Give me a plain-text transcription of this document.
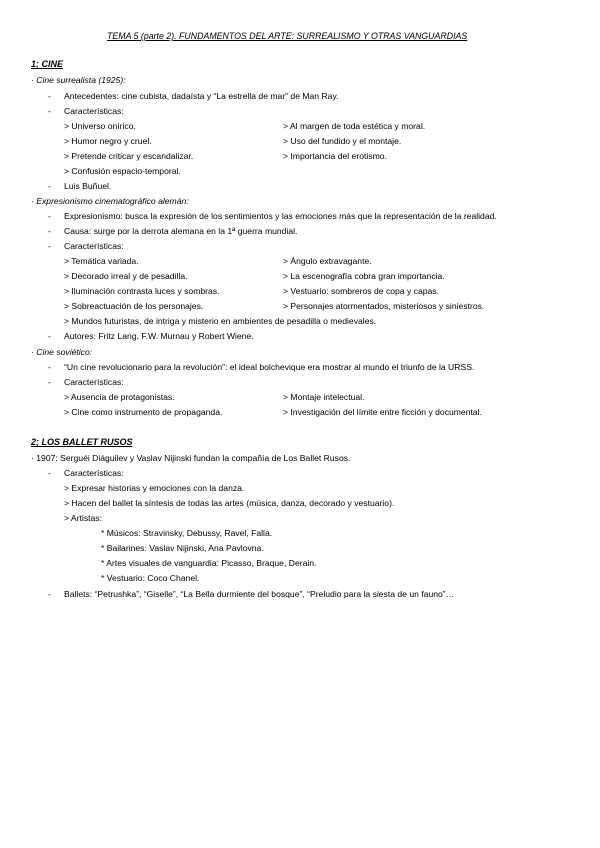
TEMA 5 (parte 2). FUNDAMENTOS DEL ARTE: SURREALISMO Y OTRAS VANGUARDIAS
1; CINE
· Cine surrealista (1925):
- Antecedentes: cine cubista, dadaísta y “La estrella de mar” de Man Ray.
- Características:
> Universo onírico.	> Al margen de toda estética y moral.
> Humor negro y cruel.	> Uso del fundido y el montaje.
> Pretende criticar y escandalizar.	> Importancia del erotismo.
> Confusión espacio-temporal.
- Luis Buñuel.
· Expresionismo cinematográfico alemán:
- Expresionismo: busca la expresión de los sentimientos y las emociones más que la representación de la realidad.
- Causa: surge por la derrota alemana en la 1ª guerra mundial.
- Características:
> Temática variada.	> Ángulo extravagante.
> Decorado irreal y de pesadilla.	> La escenografía cobra gran importancia.
> Iluminación contrasta luces y sombras.	> Vestuario: sombreros de copa y capas.
> Sobreactuación de los personajes.	> Personajes atormentados, misteriosos y siniestros.
> Mundos futuristas, de intriga y misterio en ambientes de pesadilla o medievales.
- Autores: Fritz Lang, F.W. Murnau y Robert Wiene.
· Cine soviético:
- “Un cine revolucionario para la revolución”: el ideal bolchevique era mostrar al mundo el triunfo de la URSS.
- Características:
> Ausencia de protagonistas.	> Montaje intelectual.
> Cine como instrumento de propaganda.	> Investigación del límite entre ficción y documental.
2; LOS BALLET RUSOS
· 1907: Serguéi Diáguilev y Vaslav Nijinski fundan la compañía de Los Ballet Rusos.
- Características:
> Expresar historias y emociones con la danza.
> Hacen del ballet la síntesis de todas las artes (música, danza, decorado y vestuario).
> Artistas:
* Músicos: Stravinsky, Debussy, Ravel, Falla.
* Bailarines: Vaslav Nijinski, Ana Pavlovna.
* Artes visuales de vanguardia: Picasso, Braque, Derain.
* Vestuario: Coco Chanel.
- Ballets: “Petrushka”, “Giselle”, “La Bella durmiente del bosque”, “Preludio para la siesta de un fauno”…
